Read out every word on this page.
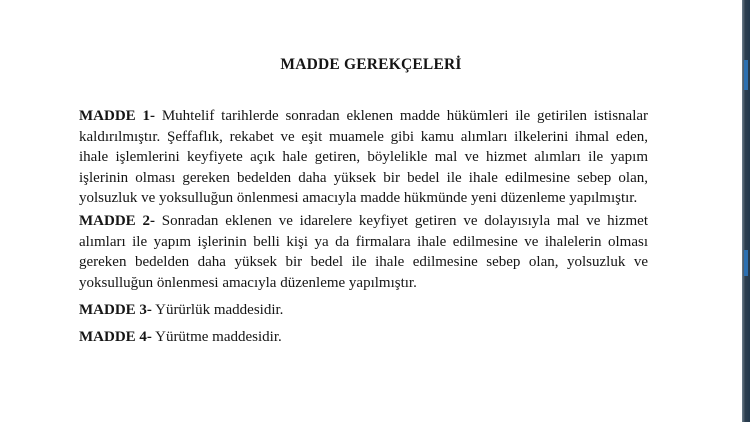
MADDE GEREKÇELERİ
MADDE 1- Muhtelif tarihlerde sonradan eklenen madde hükümleri ile getirilen istisnalar kaldırılmıştır. Şeffaflık, rekabet ve eşit muamele gibi kamu alımları ilkelerini ihmal eden, ihale işlemlerini keyfiyete açık hale getiren, böylelikle mal ve hizmet alımları ile yapım işlerinin olması gereken bedelden daha yüksek bir bedel ile ihale edilmesine sebep olan, yolsuzluk ve yoksulluğun önlenmesi amacıyla madde hükmünde yeni düzenleme yapılmıştır.
MADDE 2- Sonradan eklenen ve idarelere keyfiyet getiren ve dolayısıyla mal ve hizmet alımları ile yapım işlerinin belli kişi ya da firmalara ihale edilmesine ve ihalelerin olması gereken bedelden daha yüksek bir bedel ile ihale edilmesine sebep olan, yolsuzluk ve yoksulluğun önlenmesi amacıyla düzenleme yapılmıştır.
MADDE 3- Yürürlük maddesidir.
MADDE 4- Yürütme maddesidir.
